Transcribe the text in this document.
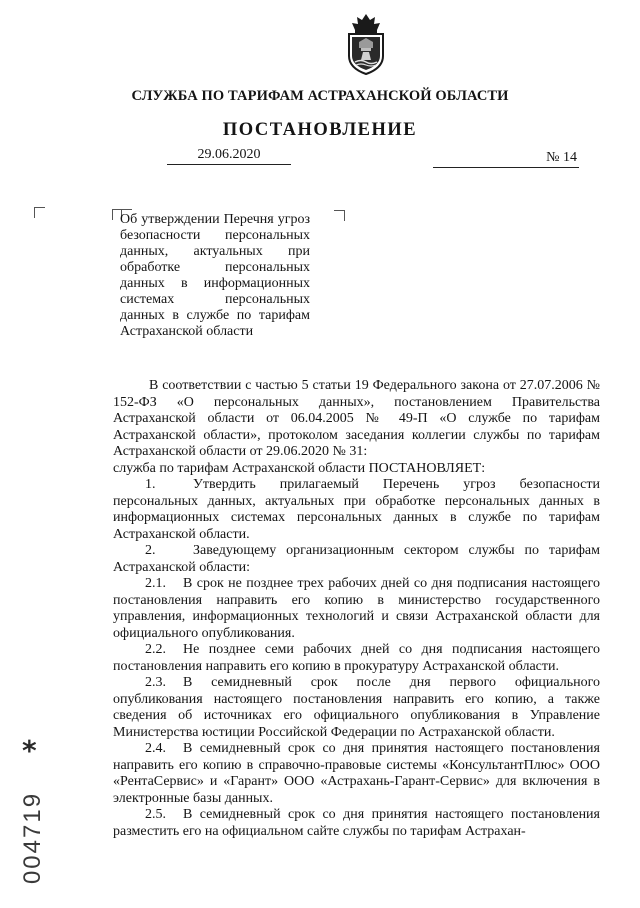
СЛУЖБА ПО ТАРИФАМ АСТРАХАНСКОЙ ОБЛАСТИ
ПОСТАНОВЛЕНИЕ
29.06.2020	№ 14
Об утверждении Перечня угроз безопасности персональных данных, актуальных при обработке персональных данных в информационных системах персональных данных в службе по тарифам Астраханской области

В соответствии с частью 5 статьи 19 Федерального закона от 27.07.2006 № 152-ФЗ «О персональных данных», постановлением Правительства Астраханской области от 06.04.2005 № 49-П «О службе по тарифам Астраханской области», протоколом заседания коллегии службы по тарифам Астраханской области от 29.06.2020 № 31:

служба по тарифам Астраханской области ПОСТАНОВЛЯЕТ:

1.	Утвердить прилагаемый Перечень угроз безопасности персональных данных, актуальных при обработке персональных данных в информационных системах персональных данных в службе по тарифам Астраханской области.

2.	Заведующему организационным сектором службы по тарифам Астраханской области:

2.1. В срок не позднее трех рабочих дней со дня подписания настоящего постановления направить его копию в министерство государственного управления, информационных технологий и связи Астраханской области для официального опубликования.

2.2. Не позднее семи рабочих дней со дня подписания настоящего постановления направить его копию в прокуратуру Астраханской области.

2.3. В семидневный срок после дня первого официального опубликования настоящего постановления направить его копию, а также сведения об источниках его официального опубликования в Управление Министерства юстиции Российской Федерации по Астраханской области.

2.4. В семидневный срок со дня принятия настоящего постановления направить его копию в справочно-правовые системы «КонсультантПлюс» ООО «РентаСервис» и «Гарант» ООО «Астрахань-Гарант-Сервис» для включения в электронные базы данных.

2.5. В семидневный срок со дня принятия настоящего постановления разместить его на официальном сайте службы по тарифам Астрахан-

*
004719
